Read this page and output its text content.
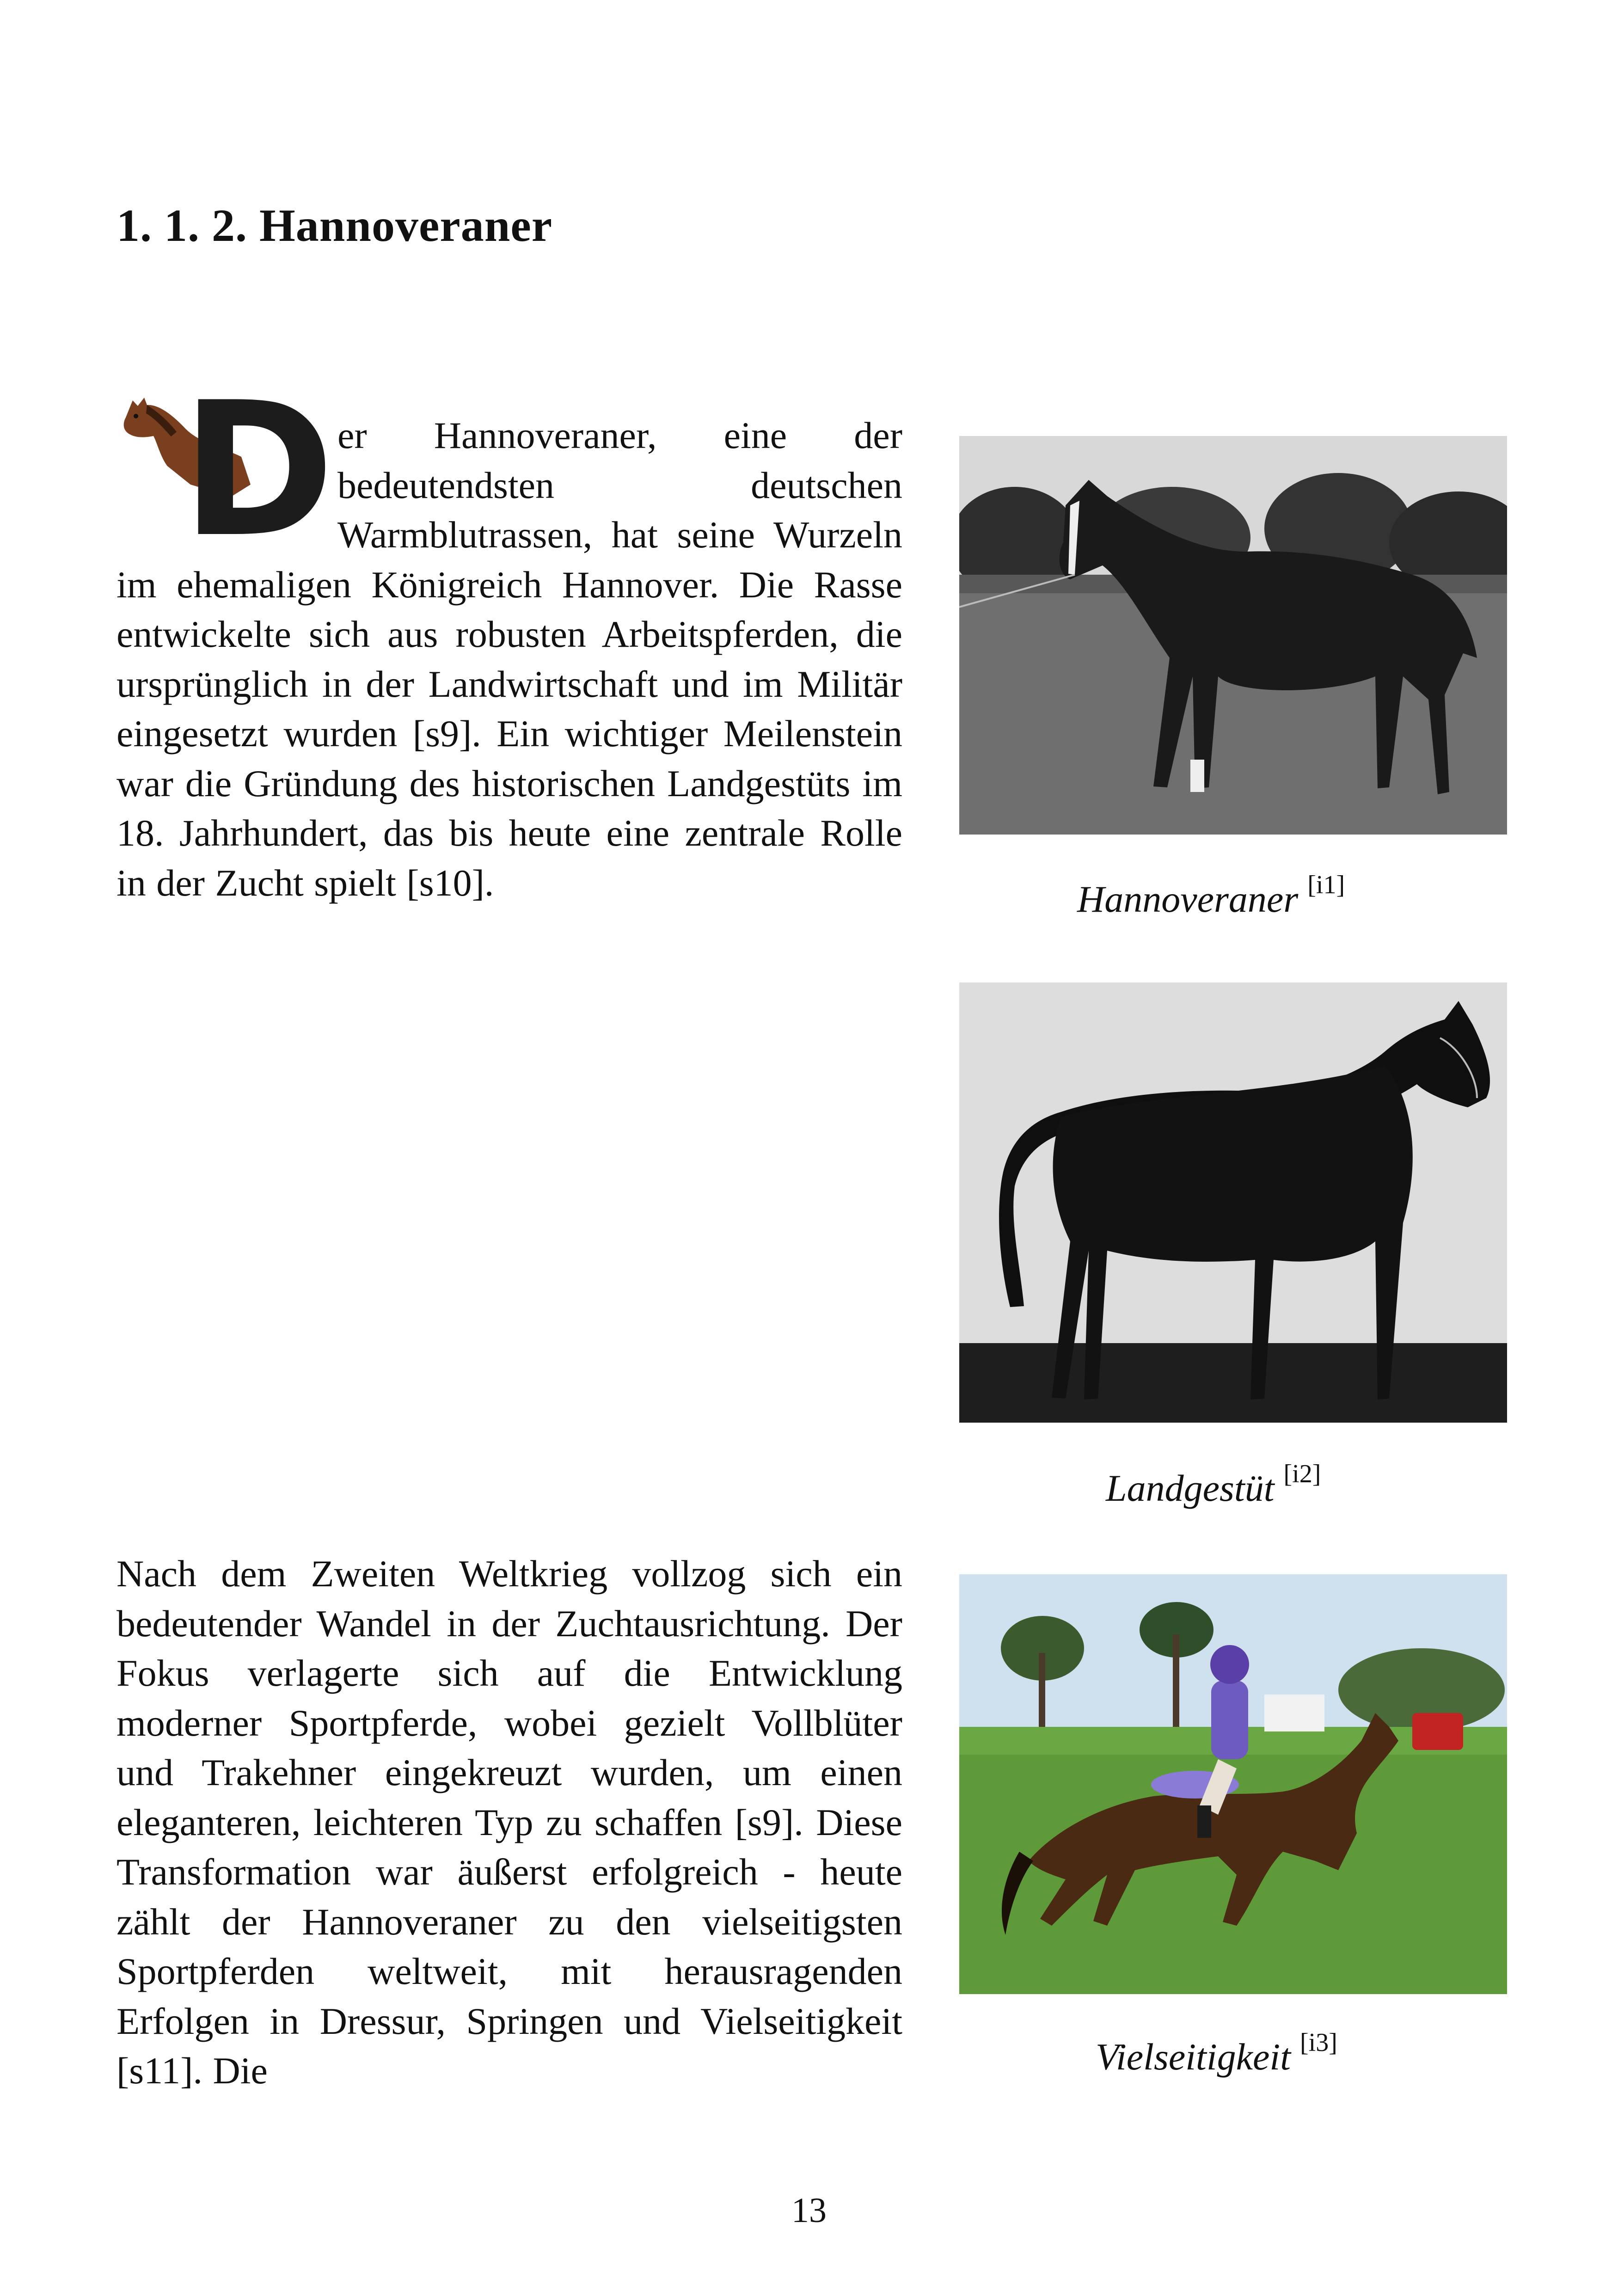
1. 1. 2. Hannoveraner

D er Hannoveraner, eine der bedeutendsten deutschen Warmblutrassen, hat seine Wurzeln im ehemaligen Königreich Hannover. Die Rasse entwickelte sich aus robusten Arbeitspferden, die ursprünglich in der Landwirtschaft und im Militär eingesetzt wurden [s9]. Ein wichtiger Meilenstein war die Gründung des historischen Landgestüts im 18. Jahrhundert, das bis heute eine zentrale Rolle in der Zucht spielt [s10].

Nach dem Zweiten Weltkrieg vollzog sich ein bedeutender Wandel in der Zuchtausrichtung. Der Fokus verlagerte sich auf die Entwicklung moderner Sportpferde, wobei gezielt Vollblüter und Trakehner eingekreuzt wurden, um einen eleganteren, leichteren Typ zu schaffen [s9]. Diese Transformation war äußerst erfolgreich - heute zählt der Hannoveraner zu den vielseitigsten Sportpferden weltweit, mit herausragenden Erfolgen in Dressur, Springen und Vielseitigkeit [s11]. Die

Hannoveraner [i1]
Landgestüt [i2]
Vielseitigkeit [i3]
13
